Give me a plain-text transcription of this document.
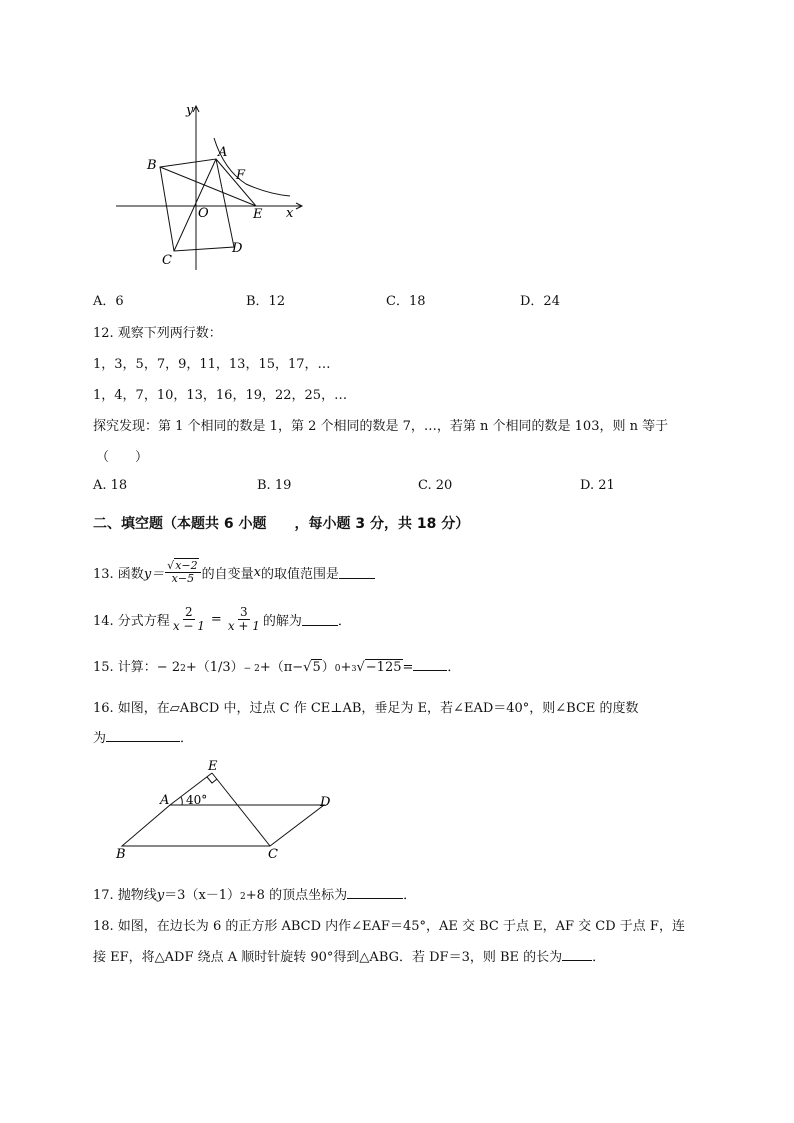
y
x
A
B
C
D
E
F
O
A．6	B．12	C．18	D．24
12. 观察下列两行数：
1，3，5，7，9，11，13，15，17，…
1，4，7，10，13，16，19，22，25，…
探究发现：第 1 个相同的数是 1，第 2 个相同的数是 7，…，若第 n 个相同的数是 103，则 n 等于
（　　）
A. 18	B. 19	C. 20	D. 21
二、填空题（本题共 6 小题　　，每小题 3 分，共 18 分）
13. 函数 $y= \frac{√x-2}{x-5}$ 的自变量 x 的取值范围是
14. 分式方程 $\frac{2}{x - 1} = \frac{3}{x + 1}$ 的解为	．
15. 计算：− $2_2 +(1/3)_{- 2} +(\pi- √5$ ）$_0 + 3$ √−125 =	．
16. 如图，在▱ABCD 中，过点 C 作 CE⊥AB，垂足为 E，若∠EAD＝40°，则∠BCE 的度数
为	．
E
A	D
B	C
40°
17. 抛物线 $y =3(x-1)_2 +8$ 的顶点坐标为	．
18. 如图，在边长为 6 的正方形 ABCD 内作∠EAF＝45°，AE 交 BC 于点 E，AF 交 CD 于点 F，连
接 EF，将△ADF 绕点 A 顺时针旋转 90°得到△ABG．若 DF＝3，则 BE 的长为 ．
